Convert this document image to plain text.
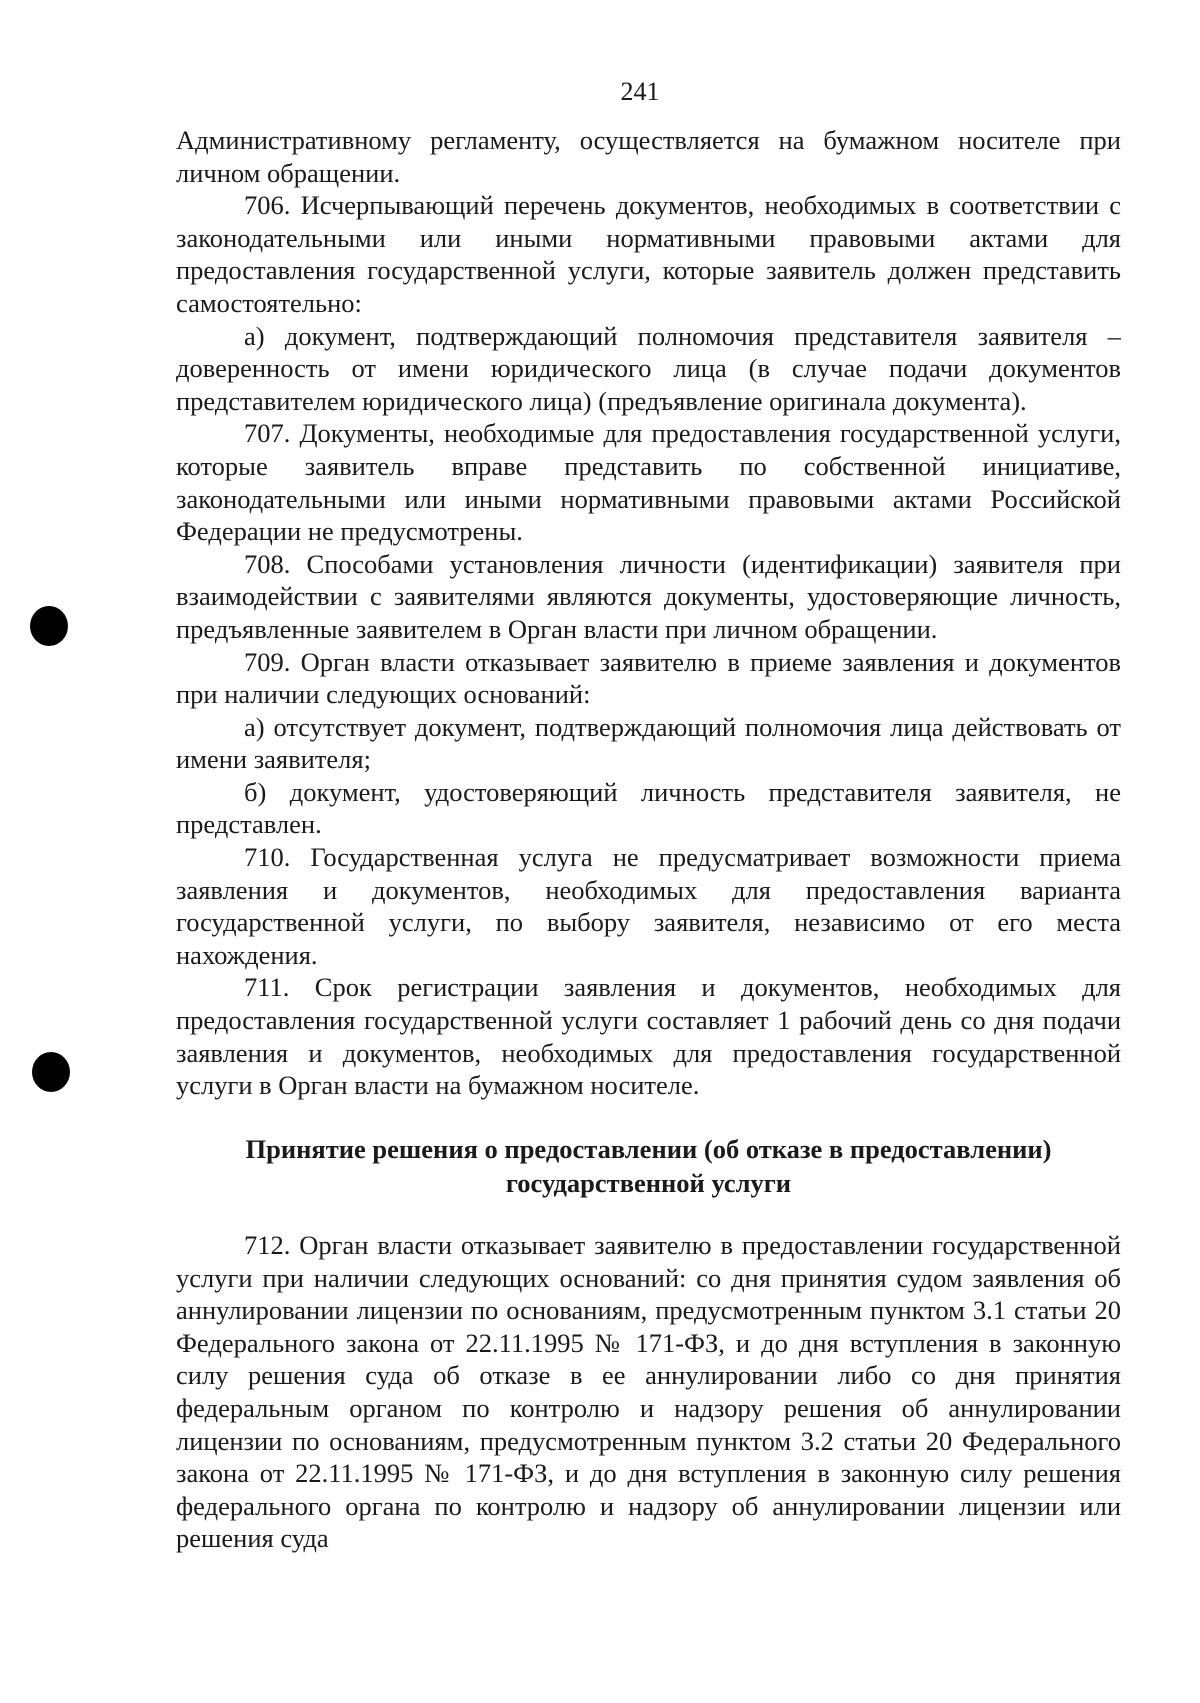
241

Административному регламенту, осуществляется на бумажном носителе при личном обращении.

706. Исчерпывающий перечень документов, необходимых в соответствии с законодательными или иными нормативными правовыми актами для предоставления государственной услуги, которые заявитель должен представить самостоятельно:

а) документ, подтверждающий полномочия представителя заявителя – доверенность от имени юридического лица (в случае подачи документов представителем юридического лица) (предъявление оригинала документа).

707. Документы, необходимые для предоставления государственной услуги, которые заявитель вправе представить по собственной инициативе, законодательными или иными нормативными правовыми актами Российской Федерации не предусмотрены.

708. Способами установления личности (идентификации) заявителя при взаимодействии с заявителями являются документы, удостоверяющие личность, предъявленные заявителем в Орган власти при личном обращении.

709. Орган власти отказывает заявителю в приеме заявления и документов при наличии следующих оснований:

а) отсутствует документ, подтверждающий полномочия лица действовать от имени заявителя;

б) документ, удостоверяющий личность представителя заявителя, не представлен.

710. Государственная услуга не предусматривает возможности приема заявления и документов, необходимых для предоставления варианта государственной услуги, по выбору заявителя, независимо от его места нахождения.

711. Срок регистрации заявления и документов, необходимых для предоставления государственной услуги составляет 1 рабочий день со дня подачи заявления и документов, необходимых для предоставления государственной услуги в Орган власти на бумажном носителе.

Принятие решения о предоставлении (об отказе в предоставлении)
государственной услуги

712. Орган власти отказывает заявителю в предоставлении государственной услуги при наличии следующих оснований: со дня принятия судом заявления об аннулировании лицензии по основаниям, предусмотренным пунктом 3.1 статьи 20 Федерального закона от 22.11.1995 № 171-ФЗ, и до дня вступления в законную силу решения суда об отказе в ее аннулировании либо со дня принятия федеральным органом по контролю и надзору решения об аннулировании лицензии по основаниям, предусмотренным пунктом 3.2 статьи 20 Федерального закона от 22.11.1995 № 171-ФЗ, и до дня вступления в законную силу решения федерального органа по контролю и надзору об аннулировании лицензии или решения суда
